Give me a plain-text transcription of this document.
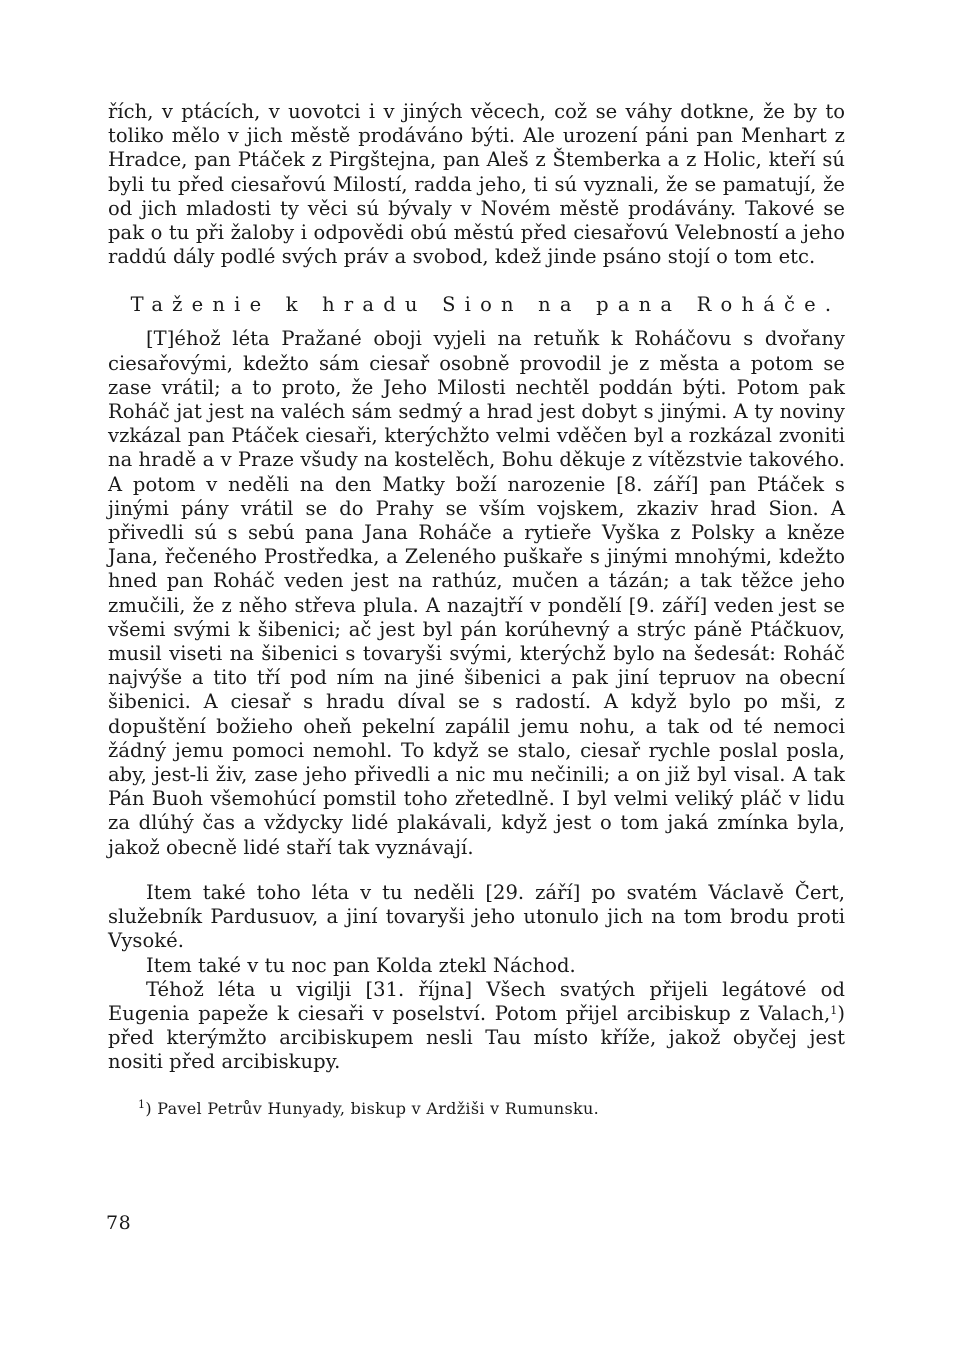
řích, v ptácích, v uovotci i v jiných věcech, což se váhy dotkne, že by to toliko mělo v jich městě prodáváno býti. Ale urození páni pan Menhart z Hradce, pan Ptáček z Pirgštejna, pan Aleš z Štemberka a z Holic, kteří sú byli tu před ciesařovú Milostí, radda jeho, ti sú vyznali, že se pamatují, že od jich mladosti ty věci sú bývaly v Novém městě prodávány. Takové se pak o tu při žaloby i odpovědi obú městú před ciesařovú Velebností a jeho raddú dály podlé svých práv a svobod, kdež jinde psáno stojí o tom etc.

Taženie k hradu Sion na pana Roháče.

[T]éhož léta Pražané oboji vyjeli na retuňk k Roháčovu s dvořany ciesařovými, kdežto sám ciesař osobně provodil je z města a potom se zase vrátil; a to proto, že Jeho Milosti nechtěl poddán býti. Potom pak Roháč jat jest na valéch sám sedmý a hrad jest dobyt s jinými. A ty noviny vzkázal pan Ptáček ciesaři, kterýchžto velmi vděčen byl a rozkázal zvoniti na hradě a v Praze všudy na kostelěch, Bohu děkuje z vítězstvie takového. A potom v neděli na den Matky boží narozenie [8. září] pan Ptáček s jinými pány vrátil se do Prahy se vším vojskem, zkaziv hrad Sion. A přivedli sú s sebú pana Jana Roháče a rytieře Vyška z Polsky a kněze Jana, řečeného Prostředka, a Zeleného puškaře s jinými mnohými, kdežto hned pan Roháč veden jest na rathúz, mučen a tázán; a tak těžce jeho zmučili, že z něho střeva plula. A nazajtří v pondělí [9. září] veden jest se všemi svými k šibenici; ač jest byl pán korúhevný a strýc páně Ptáčkuov, musil viseti na šibenici s tovaryši svými, kterýchž bylo na šedesát: Roháč najvýše a tito tří pod ním na jiné šibenici a pak jiní tepruov na obecní šibenici. A ciesař s hradu díval se s radostí. A když bylo po mši, z dopuštění božieho oheň pekelní zapálil jemu nohu, a tak od té nemoci žádný jemu pomoci nemohl. To když se stalo, ciesař rychle poslal posla, aby, jest-li živ, zase jeho přivedli a nic mu nečinili; a on již byl visal. A tak Pán Buoh všemohúcí pomstil toho zřetedlně. I byl velmi veliký pláč v lidu za dlúhý čas a vždycky lidé plakávali, když jest o tom jaká zmínka byla, jakož obecně lidé staří tak vyznávají.

Item také toho léta v tu neděli [29. září] po svatém Václavě Čert, služebník Pardusuov, a jiní tovaryši jeho utonulo jich na tom brodu proti Vysoké.

Item také v tu noc pan Kolda ztekl Náchod.

Téhož léta u vigilji [31. října] Všech svatých přijeli legátové od Eugenia papeže k ciesaři v poselství. Potom přijel arcibiskup z Valach,$^1$) před kterýmžto arcibiskupem nesli Tau místo kříže, jakož obyčej jest nositi před arcibiskupy.

$^1$) Pavel Petrův Hunyady, biskup v Ardžiši v Rumunsku.

78
